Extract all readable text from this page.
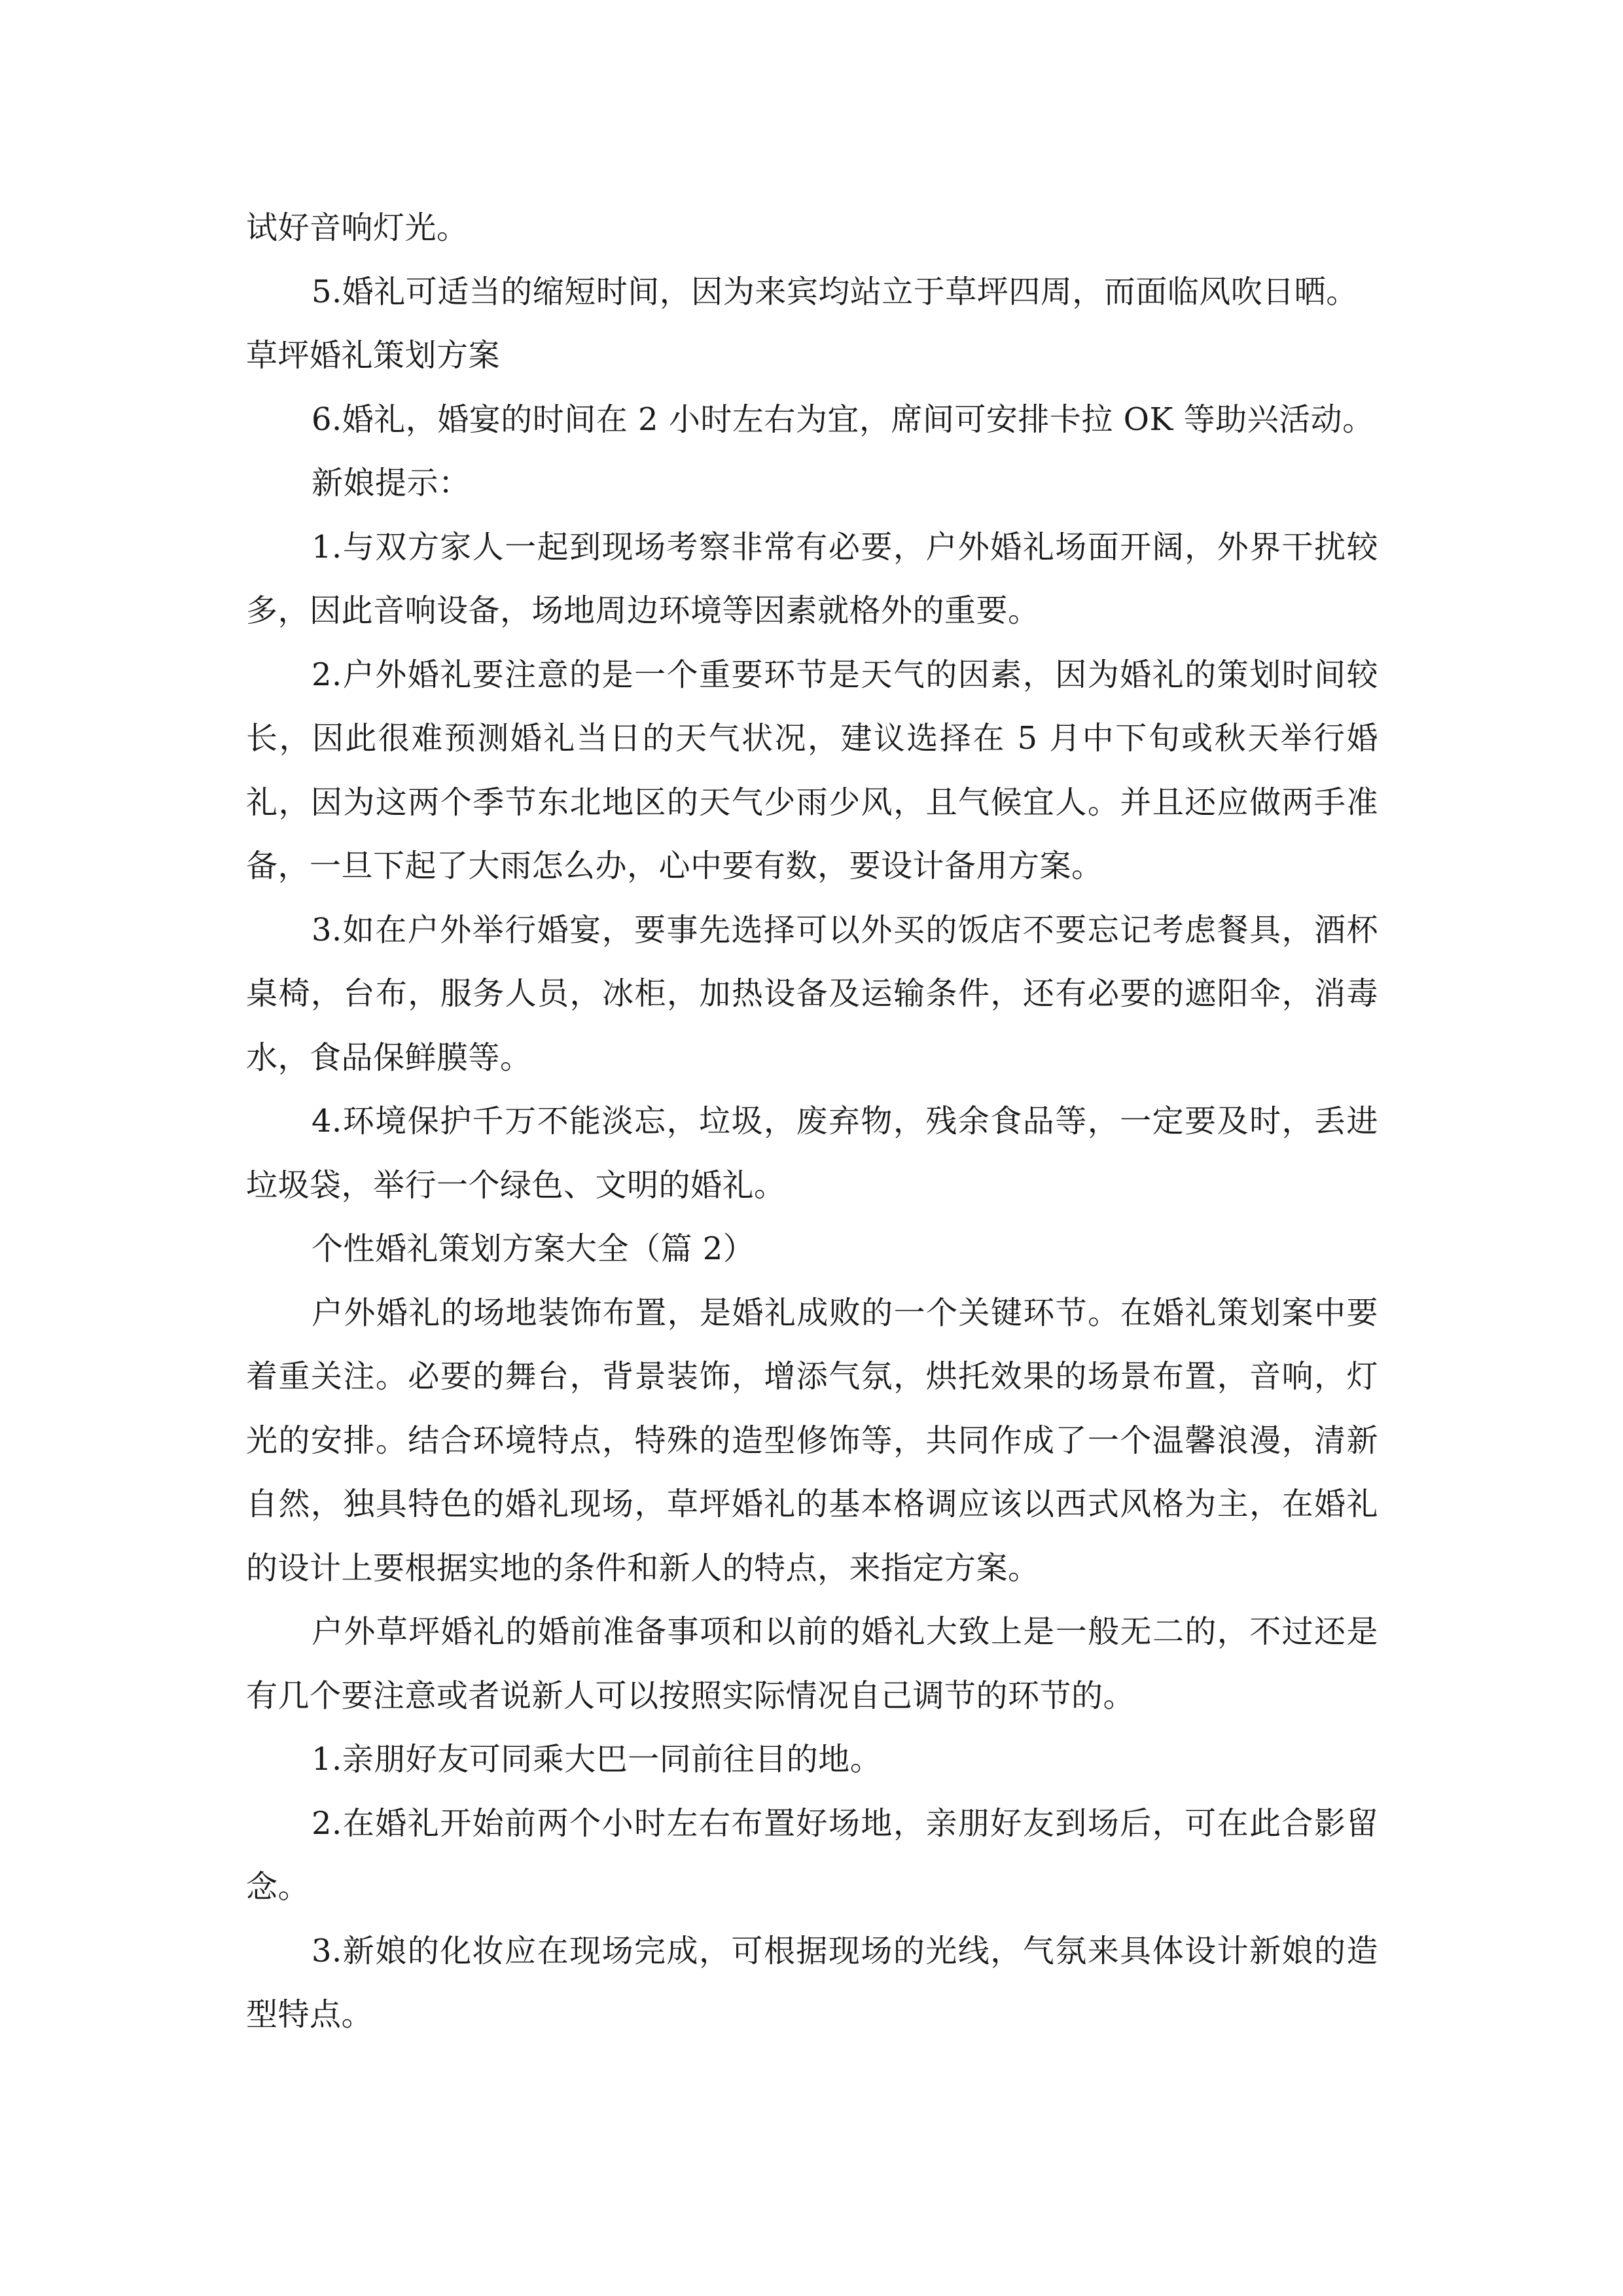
试好音响灯光。

5.婚礼可适当的缩短时间，因为来宾均站立于草坪四周，而面临风吹日晒。

草坪婚礼策划方案

6.婚礼，婚宴的时间在 2 小时左右为宜，席间可安排卡拉 OK 等助兴活动。

新娘提示：

1.与双方家人一起到现场考察非常有必要，户外婚礼场面开阔，外界干扰较多，因此音响设备，场地周边环境等因素就格外的重要。

2.户外婚礼要注意的是一个重要环节是天气的因素，因为婚礼的策划时间较长，因此很难预测婚礼当日的天气状况，建议选择在 5 月中下旬或秋天举行婚礼，因为这两个季节东北地区的天气少雨少风，且气候宜人。并且还应做两手准备，一旦下起了大雨怎么办，心中要有数，要设计备用方案。

3.如在户外举行婚宴，要事先选择可以外买的饭店不要忘记考虑餐具，酒杯桌椅，台布，服务人员，冰柜，加热设备及运输条件，还有必要的遮阳伞，消毒水，食品保鲜膜等。

4.环境保护千万不能淡忘，垃圾，废弃物，残余食品等，一定要及时，丢进垃圾袋，举行一个绿色、文明的婚礼。

个性婚礼策划方案大全（篇 2）

户外婚礼的场地装饰布置，是婚礼成败的一个关键环节。在婚礼策划案中要着重关注。必要的舞台，背景装饰，增添气氛，烘托效果的场景布置，音响，灯光的安排。结合环境特点，特殊的造型修饰等，共同作成了一个温馨浪漫，清新自然，独具特色的婚礼现场，草坪婚礼的基本格调应该以西式风格为主，在婚礼的设计上要根据实地的条件和新人的特点，来指定方案。

户外草坪婚礼的婚前准备事项和以前的婚礼大致上是一般无二的，不过还是有几个要注意或者说新人可以按照实际情况自己调节的环节的。

1.亲朋好友可同乘大巴一同前往目的地。

2.在婚礼开始前两个小时左右布置好场地，亲朋好友到场后，可在此合影留念。

3.新娘的化妆应在现场完成，可根据现场的光线，气氛来具体设计新娘的造型特点。
